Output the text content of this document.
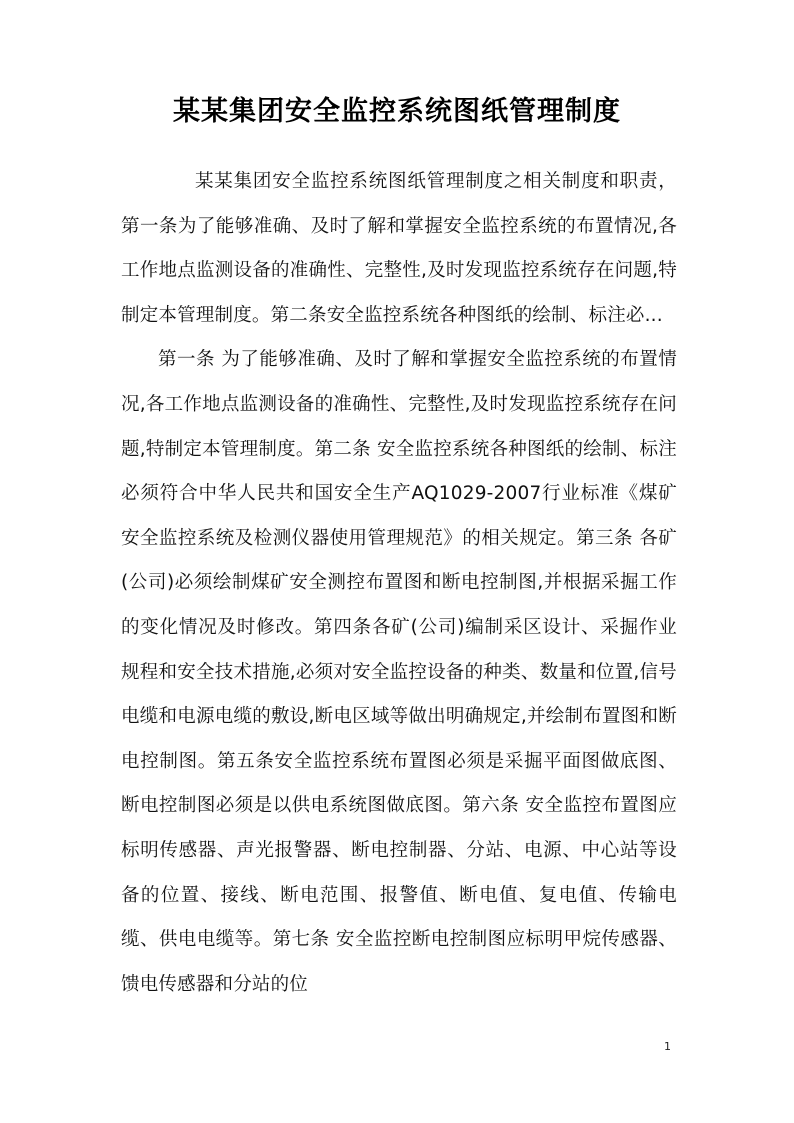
某某集团安全监控系统图纸管理制度

某某集团安全监控系统图纸管理制度之相关制度和职责，第一条为了能够准确、及时了解和掌握安全监控系统的布置情况,各工作地点监测设备的准确性、完整性,及时发现监控系统存在问题,特制定本管理制度。第二条安全监控系统各种图纸的绘制、标注必...

第一条 为了能够准确、及时了解和掌握安全监控系统的布置情况,各工作地点监测设备的准确性、完整性,及时发现监控系统存在问题,特制定本管理制度。第二条 安全监控系统各种图纸的绘制、标注必须符合中华人民共和国安全生产AQ1029-2007行业标准《煤矿安全监控系统及检测仪器使用管理规范》的相关规定。第三条 各矿(公司)必须绘制煤矿安全测控布置图和断电控制图,并根据采掘工作的变化情况及时修改。第四条各矿(公司)编制采区设计、采掘作业规程和安全技术措施,必须对安全监控设备的种类、数量和位置,信号电缆和电源电缆的敷设,断电区域等做出明确规定,并绘制布置图和断电控制图。第五条安全监控系统布置图必须是采掘平面图做底图、断电控制图必须是以供电系统图做底图。第六条 安全监控布置图应标明传感器、声光报警器、断电控制器、分站、电源、中心站等设备的位置、接线、断电范围、报警值、断电值、复电值、传输电缆、供电电缆等。第七条 安全监控断电控制图应标明甲烷传感器、馈电传感器和分站的位

1
